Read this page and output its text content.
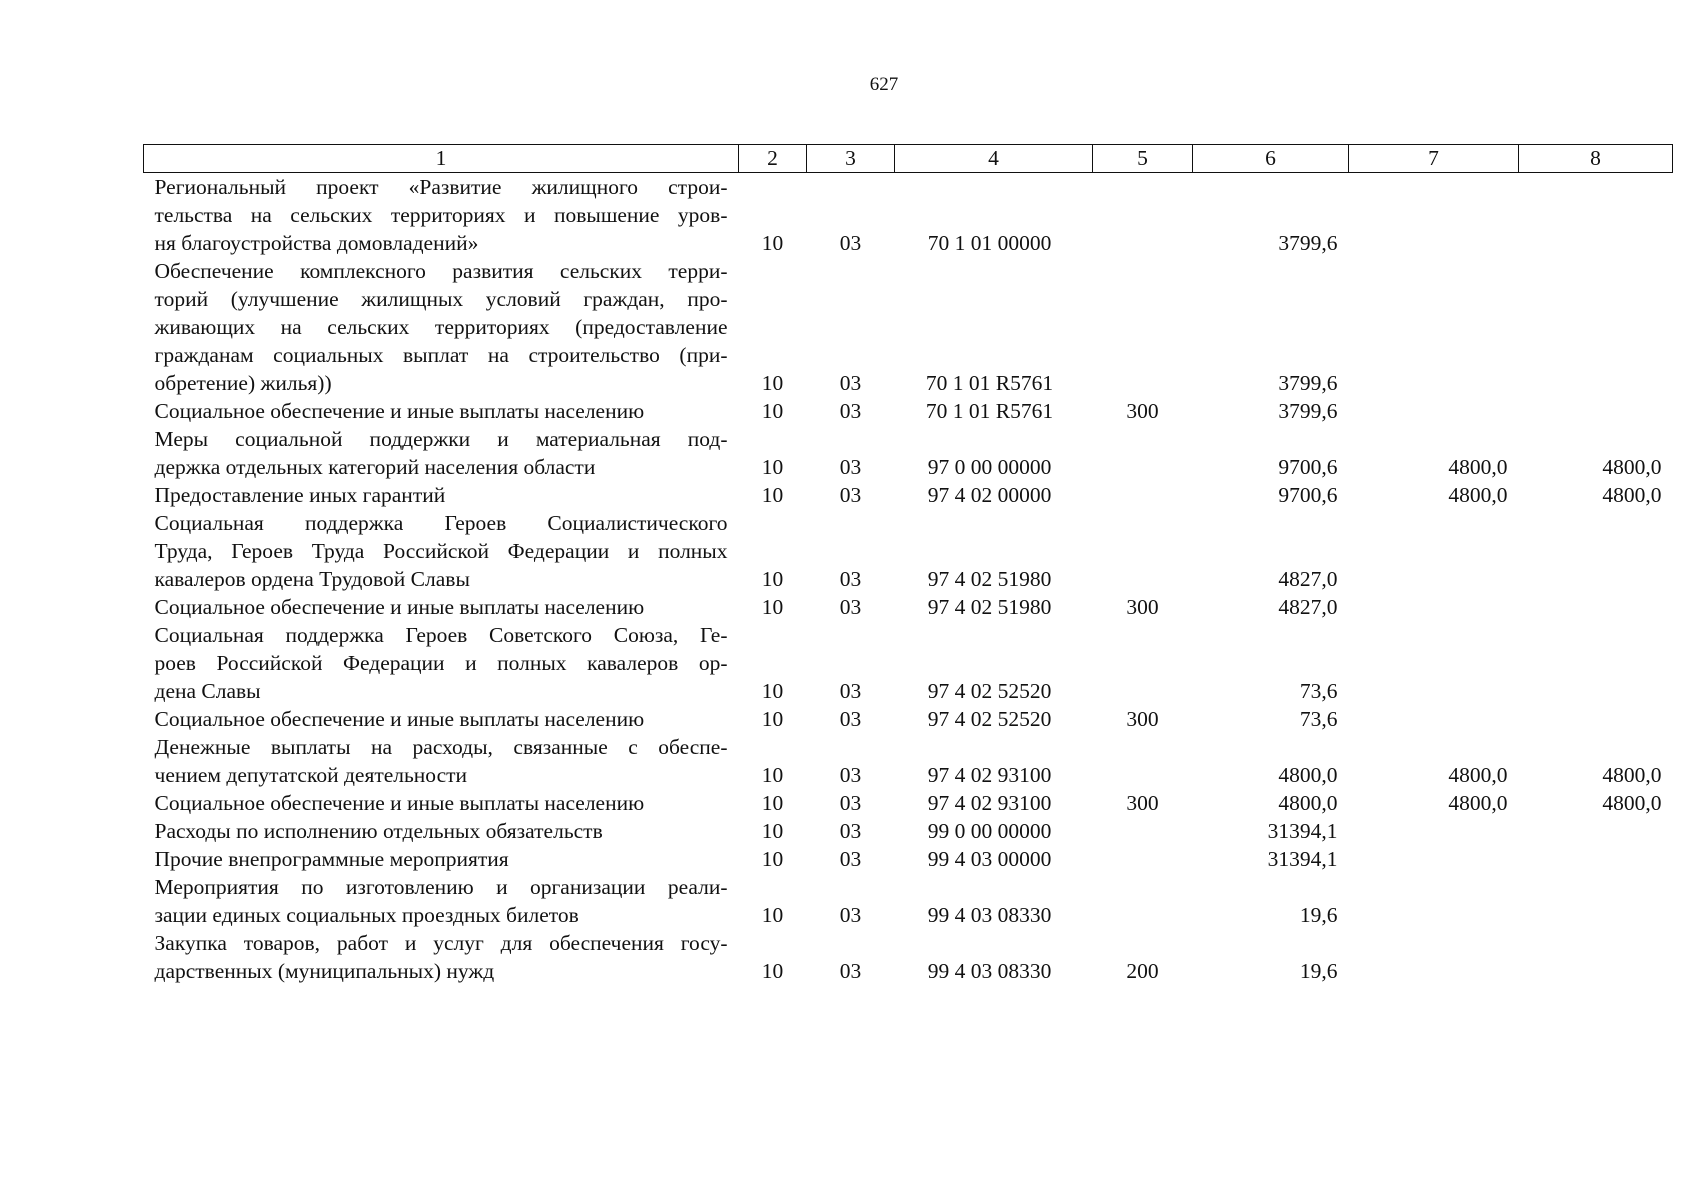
627
1	2	3	4	5	6	7	8

Региональный проект «Развитие жилищного строи-
тельства на сельских территориях и повышение уров-
ня благоустройства домовладений»	10	03	70 1 01 00000		3799,6		

Обеспечение комплексного развития сельских терри-
торий (улучшение жилищных условий граждан, про-
живающих на сельских территориях (предоставление
гражданам социальных выплат на строительство (при-
обретение) жилья))	10	03	70 1 01 R5761		3799,6		

Социальное обеспечение и иные выплаты населению	10	03	70 1 01 R5761	300	3799,6		

Меры социальной поддержки и материальная под-
держка отдельных категорий населения области	10	03	97 0 00 00000		9700,6	4800,0	4800,0

Предоставление иных гарантий	10	03	97 4 02 00000		9700,6	4800,0	4800,0

Социальная поддержка Героев Социалистического
Труда, Героев Труда Российской Федерации и полных
кавалеров ордена Трудовой Славы	10	03	97 4 02 51980		4827,0		

Социальное обеспечение и иные выплаты населению	10	03	97 4 02 51980	300	4827,0		

Социальная поддержка Героев Советского Союза, Ге-
роев Российской Федерации и полных кавалеров ор-
дена Славы	10	03	97 4 02 52520		73,6		

Социальное обеспечение и иные выплаты населению	10	03	97 4 02 52520	300	73,6		

Денежные выплаты на расходы, связанные с обеспе-
чением депутатской деятельности	10	03	97 4 02 93100		4800,0	4800,0	4800,0

Социальное обеспечение и иные выплаты населению	10	03	97 4 02 93100	300	4800,0	4800,0	4800,0

Расходы по исполнению отдельных обязательств	10	03	99 0 00 00000		31394,1		

Прочие внепрограммные мероприятия	10	03	99 4 03 00000		31394,1		

Мероприятия по изготовлению и организации реали-
зации единых социальных проездных билетов	10	03	99 4 03 08330		19,6		

Закупка товаров, работ и услуг для обеспечения госу-
дарственных (муниципальных) нужд	10	03	99 4 03 08330	200	19,6		
